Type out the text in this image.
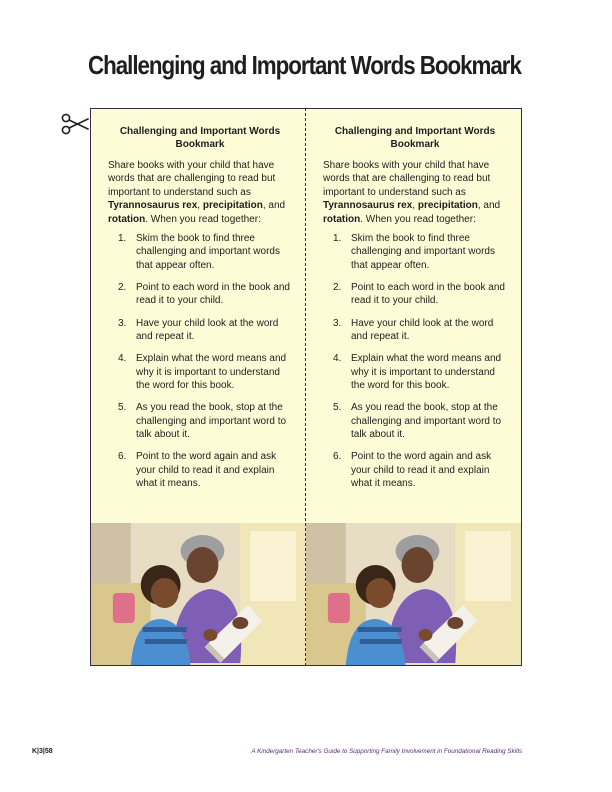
Challenging and Important Words Bookmark
Challenging and Important Words Bookmark

Share books with your child that have words that are challenging to read but important to understand such as Tyrannosaurus rex, precipitation, and rotation. When you read together:

1. Skim the book to find three challenging and important words that appear often.
2. Point to each word in the book and read it to your child.
3. Have your child look at the word and repeat it.
4. Explain what the word means and why it is important to understand the word for this book.
5. As you read the book, stop at the challenging and important word to talk about it.
6. Point to the word again and ask your child to read it and explain what it means.
Challenging and Important Words Bookmark

Share books with your child that have words that are challenging to read but important to understand such as Tyrannosaurus rex, precipitation, and rotation. When you read together:

1. Skim the book to find three challenging and important words that appear often.
2. Point to each word in the book and read it to your child.
3. Have your child look at the word and repeat it.
4. Explain what the word means and why it is important to understand the word for this book.
5. As you read the book, stop at the challenging and important word to talk about it.
6. Point to the word again and ask your child to read it and explain what it means.
K|3|58	A Kindergarten Teacher's Guide to Supporting Family Involvement in Foundational Reading Skills
